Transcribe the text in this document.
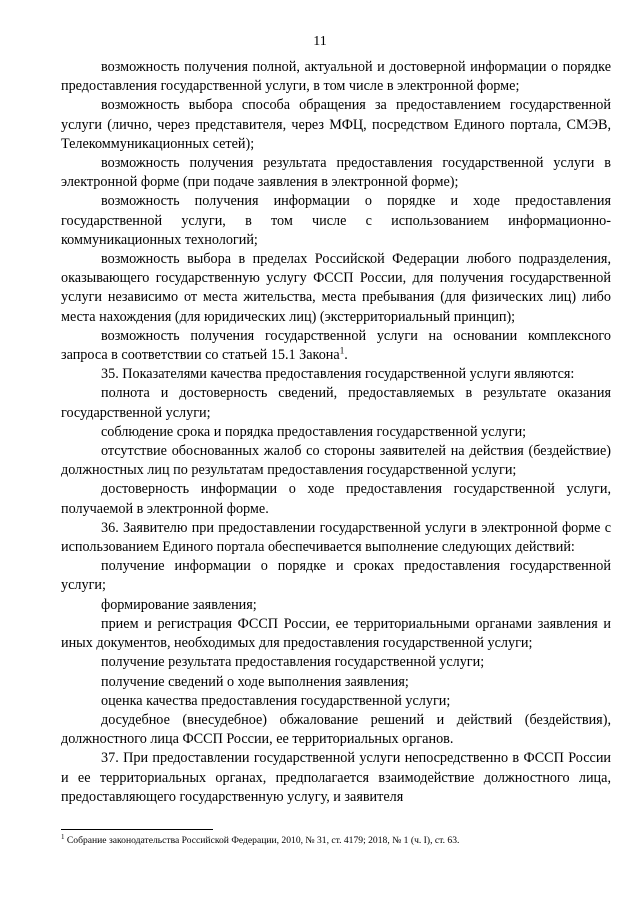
11

возможность получения полной, актуальной и достоверной информации о порядке предоставления государственной услуги, в том числе в электронной форме;

возможность выбора способа обращения за предоставлением государственной услуги (лично, через представителя, через МФЦ, посредством Единого портала, СМЭВ, Телекоммуникационных сетей);

возможность получения результата предоставления государственной услуги в электронной форме (при подаче заявления в электронной форме);

возможность получения информации о порядке и ходе предоставления государственной услуги, в том числе с использованием информационно-коммуникационных технологий;

возможность выбора в пределах Российской Федерации любого подразделения, оказывающего государственную услугу ФССП России, для получения государственной услуги независимо от места жительства, места пребывания (для физических лиц) либо места нахождения (для юридических лиц) (экстерриториальный принцип);

возможность получения государственной услуги на основании комплексного запроса в соответствии со статьей 15.1 Закона$^1$.

35. Показателями качества предоставления государственной услуги являются:

полнота и достоверность сведений, предоставляемых в результате оказания государственной услуги;

соблюдение срока и порядка предоставления государственной услуги;

отсутствие обоснованных жалоб со стороны заявителей на действия (бездействие) должностных лиц по результатам предоставления государственной услуги;

достоверность информации о ходе предоставления государственной услуги, получаемой в электронной форме.

36. Заявителю при предоставлении государственной услуги в электронной форме с использованием Единого портала обеспечивается выполнение следующих действий:

получение информации о порядке и сроках предоставления государственной услуги;

формирование заявления;

прием и регистрация ФССП России, ее территориальными органами заявления и иных документов, необходимых для предоставления государственной услуги;

получение результата предоставления государственной услуги;

получение сведений о ходе выполнения заявления;

оценка качества предоставления государственной услуги;

досудебное (внесудебное) обжалование решений и действий (бездействия), должностного лица ФССП России, ее территориальных органов.

37. При предоставлении государственной услуги непосредственно в ФССП России и ее территориальных органах, предполагается взаимодействие должностного лица, предоставляющего государственную услугу, и заявителя

$^1$ Собрание законодательства Российской Федерации, 2010, № 31, ст. 4179; 2018, № 1 (ч. I), ст. 63.
